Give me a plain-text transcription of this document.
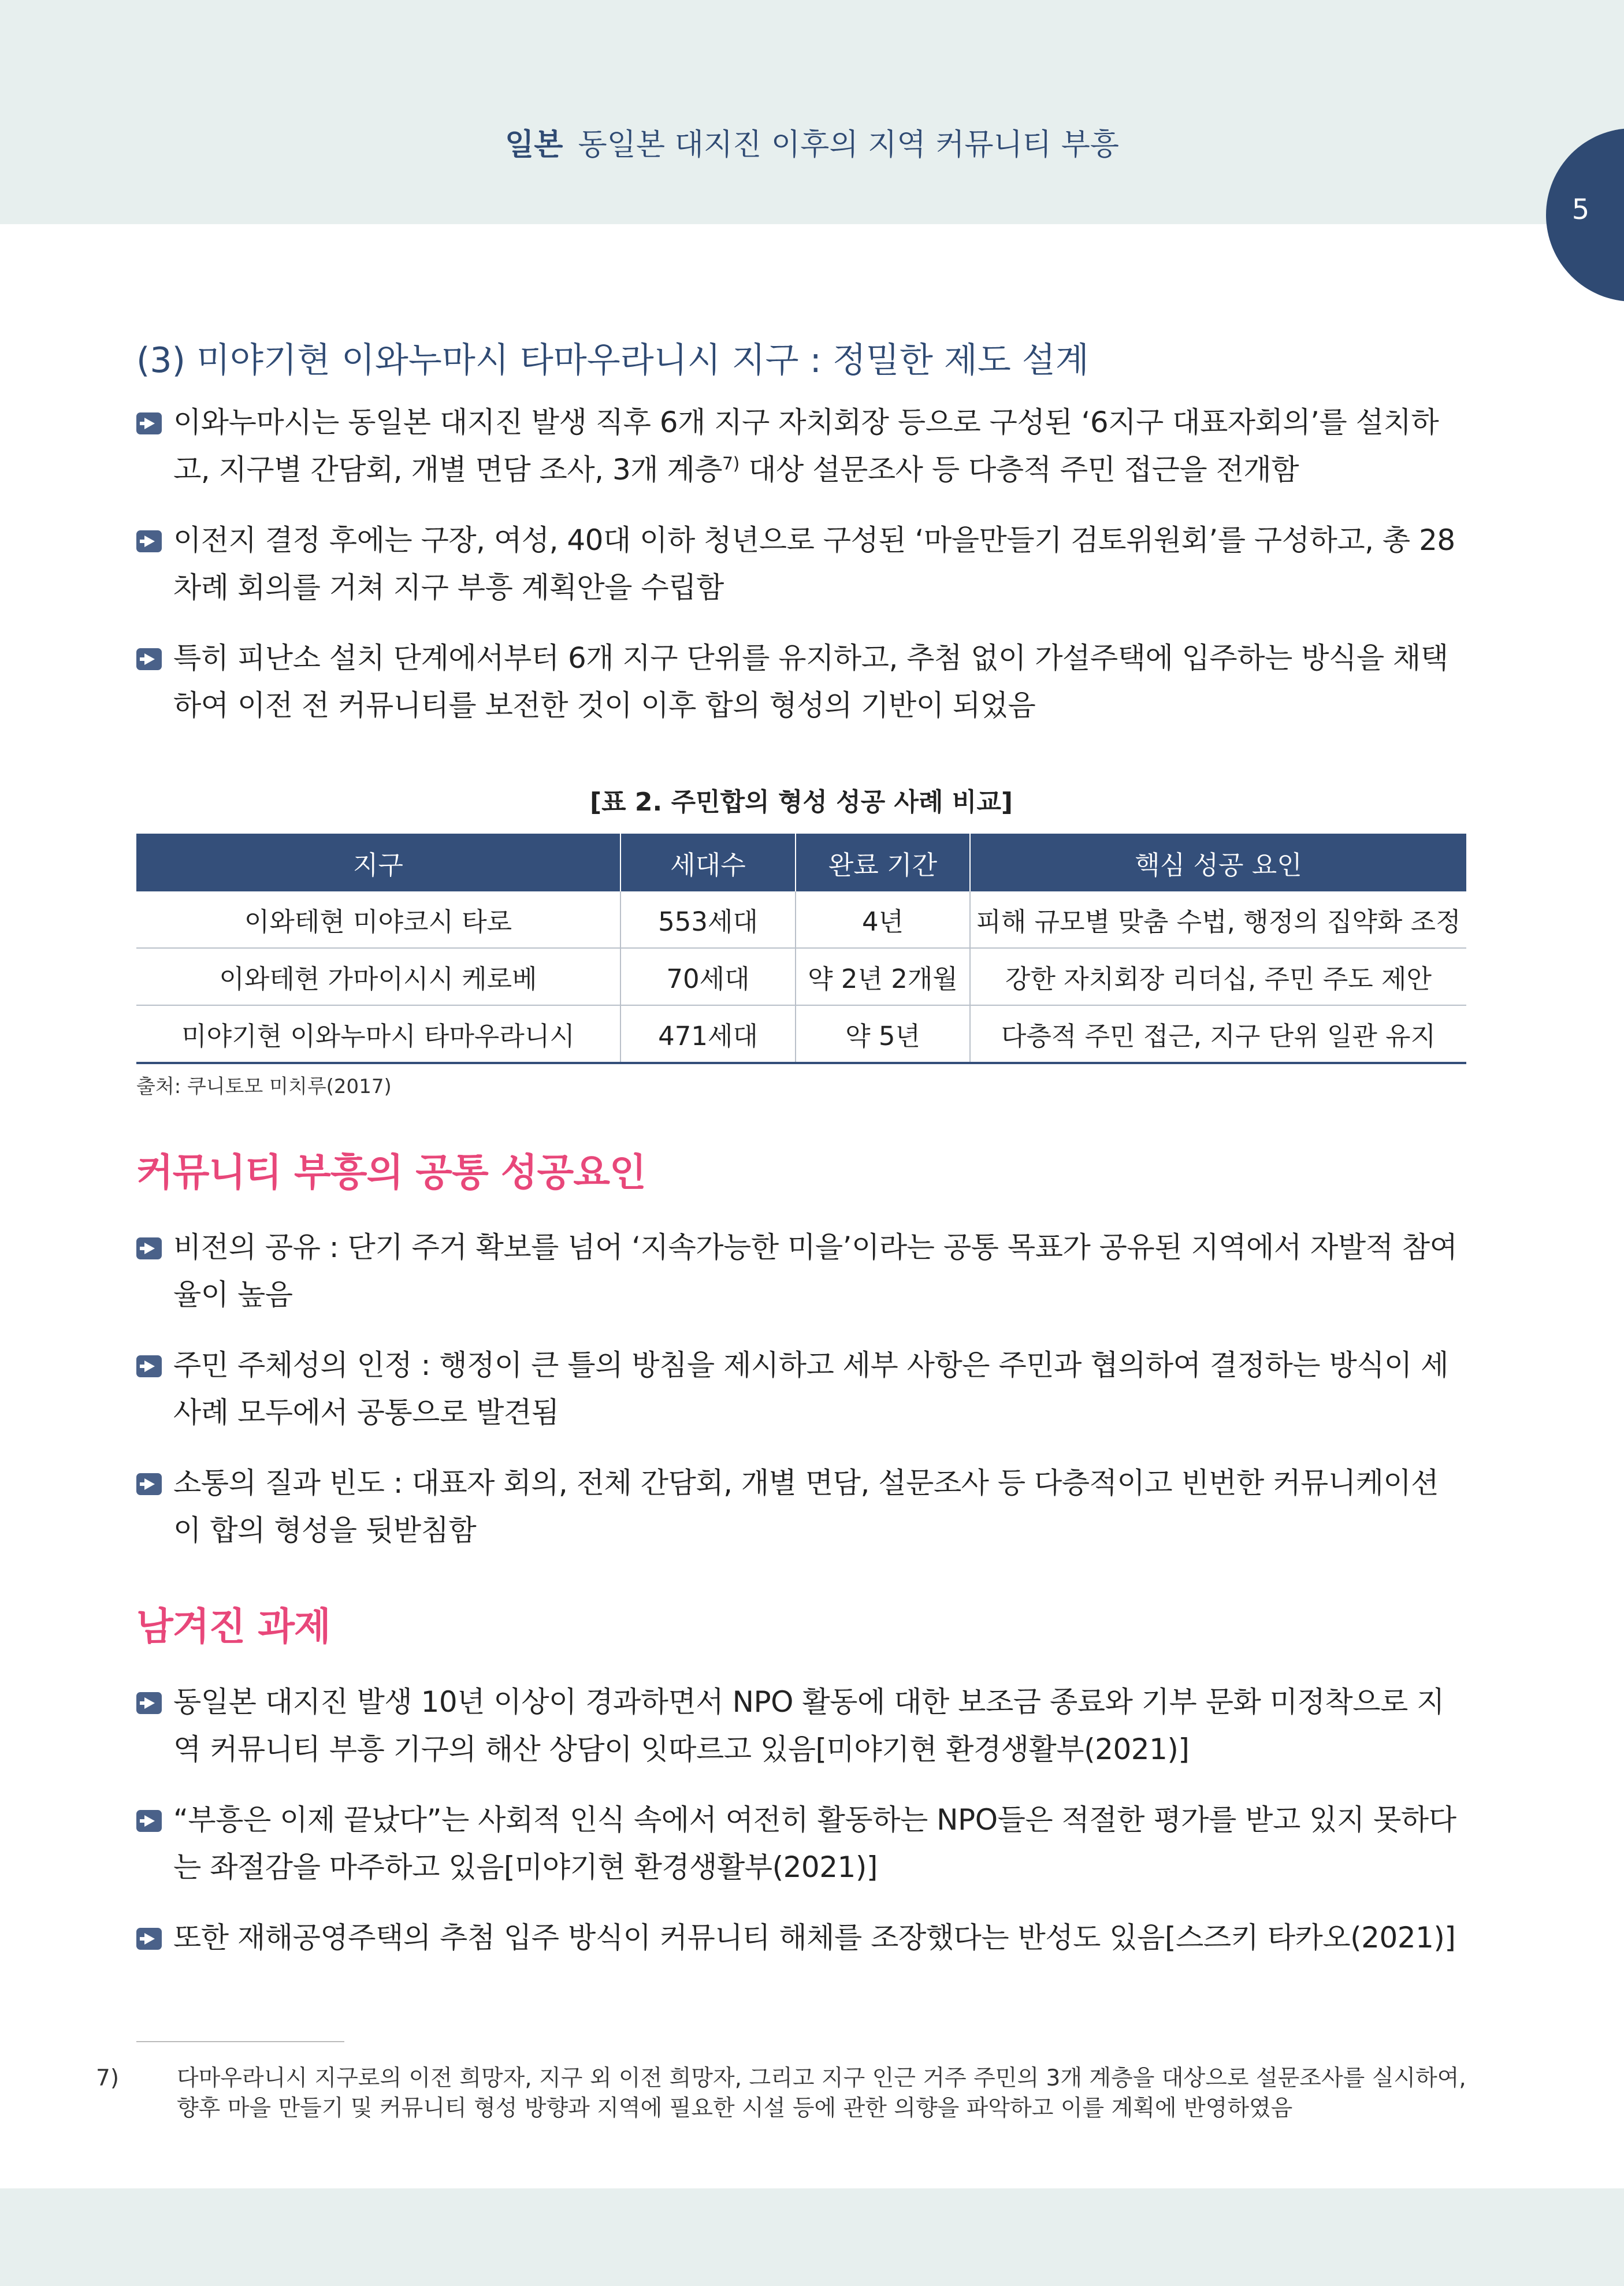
일본 동일본 대지진 이후의 지역 커뮤니티 부흥
5
(3) 미야기현 이와누마시 타마우라니시 지구 : 정밀한 제도 설계
이와누마시는 동일본 대지진 발생 직후 6개 지구 자치회장 등으로 구성된 ‘6지구 대표자회의’를 설치하고, 지구별 간담회, 개별 면담 조사, 3개 계층$^{7)}$ 대상 설문조사 등 다층적 주민 접근을 전개함
이전지 결정 후에는 구장, 여성, 40대 이하 청년으로 구성된 ‘마을만들기 검토위원회’를 구성하고, 총 28차례 회의를 거쳐 지구 부흥 계획안을 수립함
특히 피난소 설치 단계에서부터 6개 지구 단위를 유지하고, 추첨 없이 가설주택에 입주하는 방식을 채택하여 이전 전 커뮤니티를 보전한 것이 이후 합의 형성의 기반이 되었음
[표 2. 주민합의 형성 성공 사례 비교]
지구	세대수	완료 기간	핵심 성공 요인
이와테현 미야코시 타로	553세대	4년	피해 규모별 맞춤 수법, 행정의 집약화 조정
이와테현 가마이시시 케로베	70세대	약 2년 2개월	강한 자치회장 리더십, 주민 주도 제안
미야기현 이와누마시 타마우라니시	471세대	약 5년	다층적 주민 접근, 지구 단위 일관 유지
출처: 쿠니토모 미치루(2017)
커뮤니티 부흥의 공통 성공요인
비전의 공유 : 단기 주거 확보를 넘어 ‘지속가능한 미을’이라는 공통 목표가 공유된 지역에서 자발적 참여율이 높음
주민 주체성의 인정 : 행정이 큰 틀의 방침을 제시하고 세부 사항은 주민과 협의하여 결정하는 방식이 세 사례 모두에서 공통으로 발견됨
소통의 질과 빈도 : 대표자 회의, 전체 간담회, 개별 면담, 설문조사 등 다층적이고 빈번한 커뮤니케이션이 합의 형성을 뒷받침함
남겨진 과제
동일본 대지진 발생 10년 이상이 경과하면서 NPO 활동에 대한 보조금 종료와 기부 문화 미정착으로 지역 커뮤니티 부흥 기구의 해산 상담이 잇따르고 있음[미야기현 환경생활부(2021)]
“부흥은 이제 끝났다”는 사회적 인식 속에서 여전히 활동하는 NPO들은 적절한 평가를 받고 있지 못하다는 좌절감을 마주하고 있음[미야기현 환경생활부(2021)]
또한 재해공영주택의 추첨 입주 방식이 커뮤니티 해체를 조장했다는 반성도 있음[스즈키 타카오(2021)]
7)	다마우라니시 지구로의 이전 희망자, 지구 외 이전 희망자, 그리고 지구 인근 거주 주민의 3개 계층을 대상으로 설문조사를 실시하여, 향후 마을 만들기 및 커뮤니티 형성 방향과 지역에 필요한 시설 등에 관한 의향을 파악하고 이를 계획에 반영하였음
